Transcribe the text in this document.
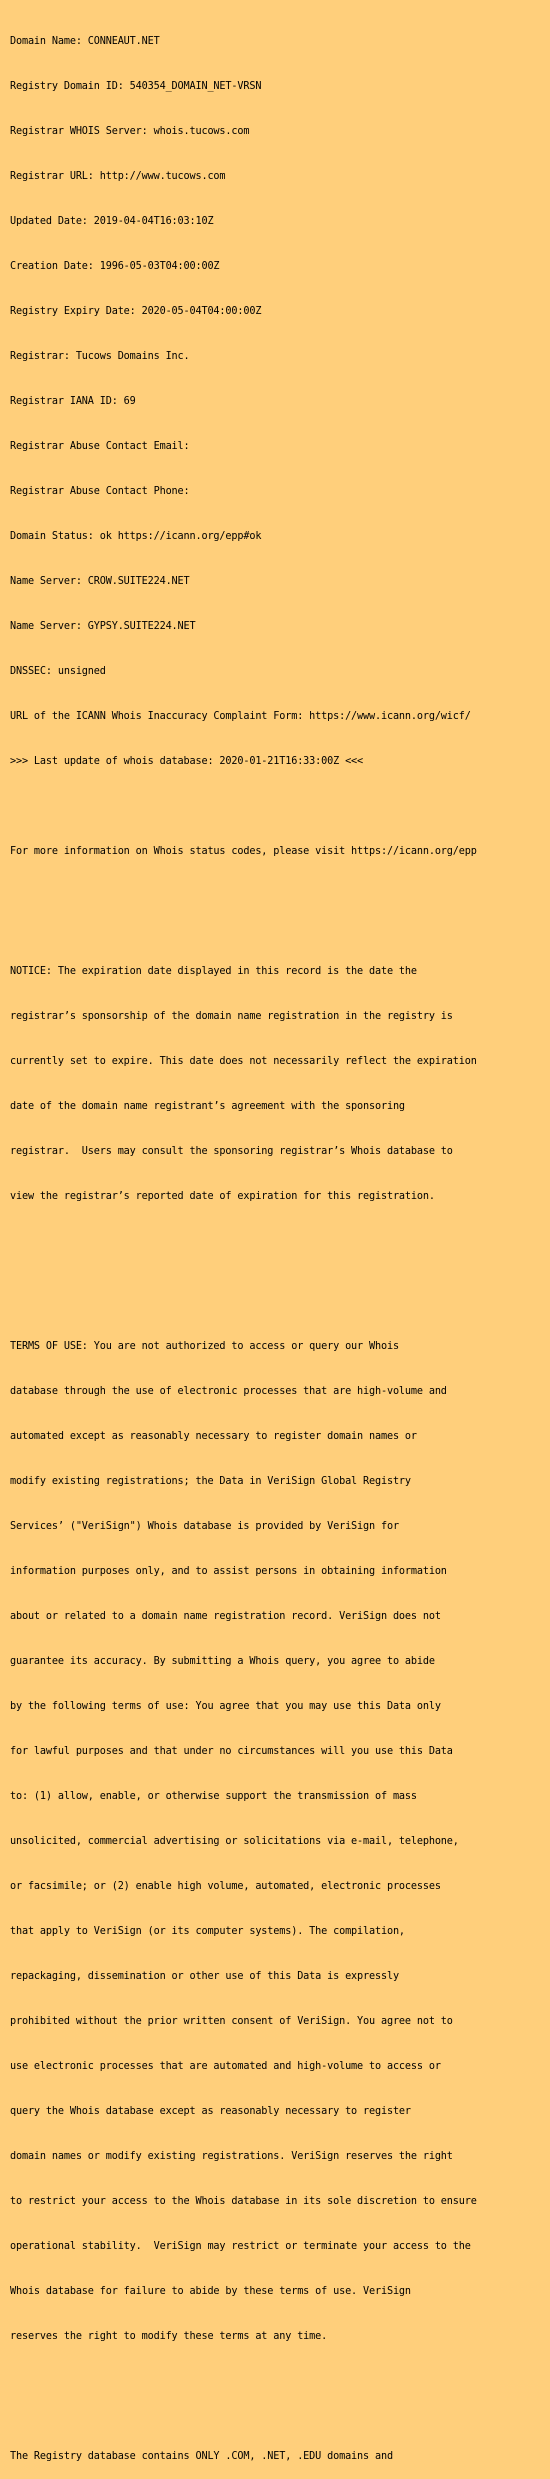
Domain Name: CONNEAUT.NET

Registry Domain ID: 540354_DOMAIN_NET-VRSN

Registrar WHOIS Server: whois.tucows.com

Registrar URL: http://www.tucows.com

Updated Date: 2019-04-04T16:03:10Z

Creation Date: 1996-05-03T04:00:00Z

Registry Expiry Date: 2020-05-04T04:00:00Z

Registrar: Tucows Domains Inc.

Registrar IANA ID: 69

Registrar Abuse Contact Email:

Registrar Abuse Contact Phone:

Domain Status: ok https://icann.org/epp#ok

Name Server: CROW.SUITE224.NET

Name Server: GYPSY.SUITE224.NET

DNSSEC: unsigned

URL of the ICANN Whois Inaccuracy Complaint Form: https://www.icann.org/wicf/

>>> Last update of whois database: 2020-01-21T16:33:00Z <<<

For more information on Whois status codes, please visit https://icann.org/epp

NOTICE: The expiration date displayed in this record is the date the

registrar’s sponsorship of the domain name registration in the registry is

currently set to expire. This date does not necessarily reflect the expiration

date of the domain name registrant’s agreement with the sponsoring

registrar.  Users may consult the sponsoring registrar’s Whois database to

view the registrar’s reported date of expiration for this registration.

TERMS OF USE: You are not authorized to access or query our Whois

database through the use of electronic processes that are high-volume and

automated except as reasonably necessary to register domain names or

modify existing registrations; the Data in VeriSign Global Registry

Services’ ("VeriSign") Whois database is provided by VeriSign for

information purposes only, and to assist persons in obtaining information

about or related to a domain name registration record. VeriSign does not

guarantee its accuracy. By submitting a Whois query, you agree to abide

by the following terms of use: You agree that you may use this Data only

for lawful purposes and that under no circumstances will you use this Data

to: (1) allow, enable, or otherwise support the transmission of mass

unsolicited, commercial advertising or solicitations via e-mail, telephone,

or facsimile; or (2) enable high volume, automated, electronic processes

that apply to VeriSign (or its computer systems). The compilation,

repackaging, dissemination or other use of this Data is expressly

prohibited without the prior written consent of VeriSign. You agree not to

use electronic processes that are automated and high-volume to access or

query the Whois database except as reasonably necessary to register

domain names or modify existing registrations. VeriSign reserves the right

to restrict your access to the Whois database in its sole discretion to ensure

operational stability.  VeriSign may restrict or terminate your access to the

Whois database for failure to abide by these terms of use. VeriSign

reserves the right to modify these terms at any time.

The Registry database contains ONLY .COM, .NET, .EDU domains and
